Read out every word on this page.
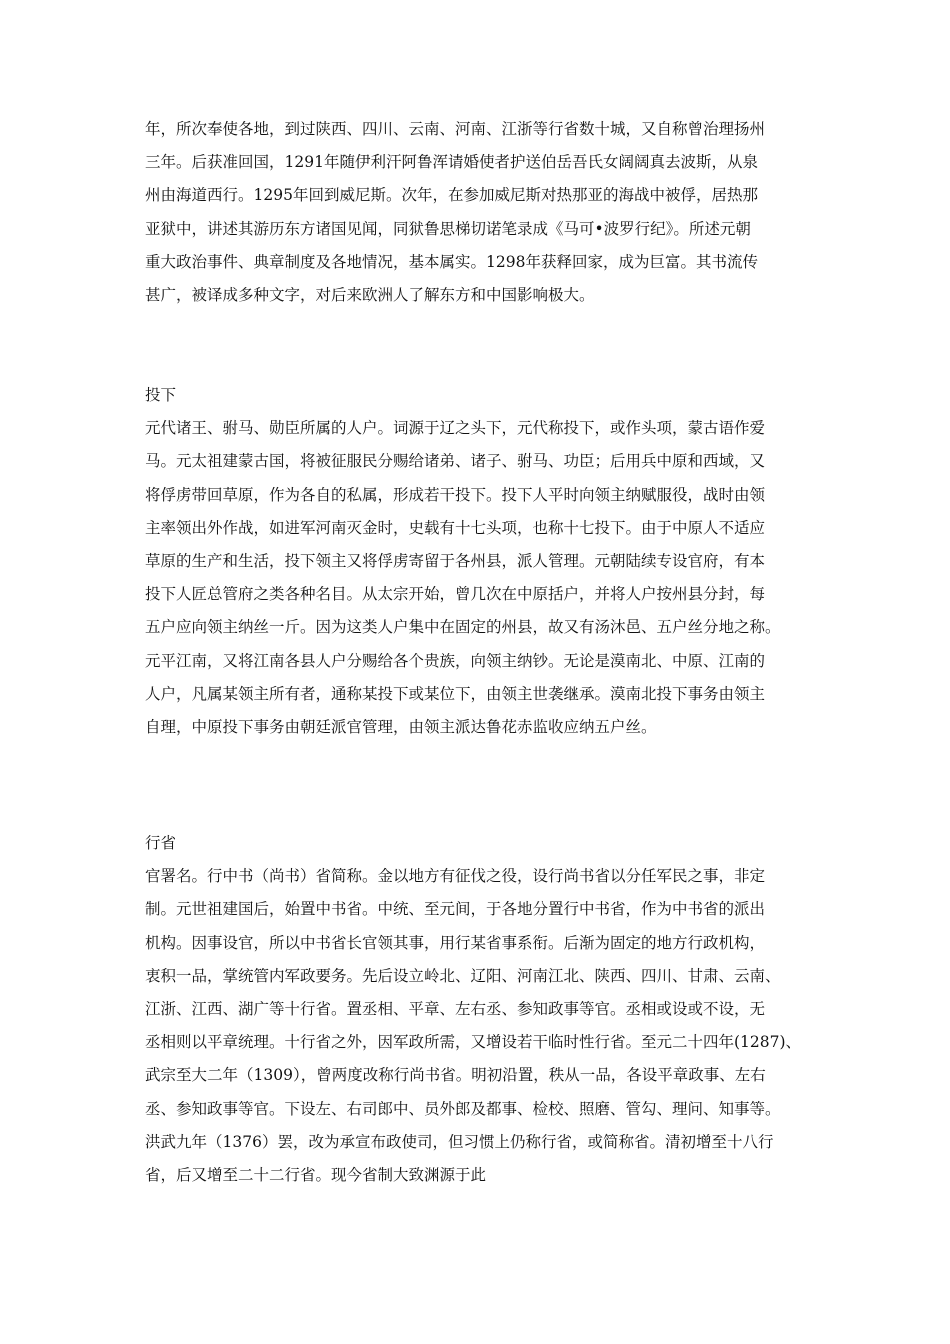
年，所次奉使各地，到过陕西、四川、云南、河南、江浙等行省数十城，又自称曾治理扬州
三年。后获准回国，1291年随伊利汗阿鲁浑请婚使者护送伯岳吾氏女阔阔真去波斯，从泉
州由海道西行。1295年回到威尼斯。次年，在参加威尼斯对热那亚的海战中被俘，居热那
亚狱中，讲述其游历东方诸国见闻，同狱鲁思梯切诺笔录成《马可•波罗行纪》。所述元朝
重大政治事件、典章制度及各地情况，基本属实。1298年获释回家，成为巨富。其书流传
甚广，被译成多种文字，对后来欧洲人了解东方和中国影响极大。
投下
元代诸王、驸马、勋臣所属的人户。词源于辽之头下，元代称投下，或作头项，蒙古语作爱
马。元太祖建蒙古国，将被征服民分赐给诸弟、诸子、驸马、功臣；后用兵中原和西域，又
将俘虏带回草原，作为各自的私属，形成若干投下。投下人平时向领主纳赋服役，战时由领
主率领出外作战，如进军河南灭金时，史载有十七头项，也称十七投下。由于中原人不适应
草原的生产和生活，投下领主又将俘虏寄留于各州县，派人管理。元朝陆续专设官府，有本
投下人匠总管府之类各种名目。从太宗开始，曾几次在中原括户，并将人户按州县分封，每
五户应向领主纳丝一斤。因为这类人户集中在固定的州县，故又有汤沐邑、五户丝分地之称。
元平江南，又将江南各县人户分赐给各个贵族，向领主纳钞。无论是漠南北、中原、江南的
人户，凡属某领主所有者，通称某投下或某位下，由领主世袭继承。漠南北投下事务由领主
自理，中原投下事务由朝廷派官管理，由领主派达鲁花赤监收应纳五户丝。
行省
官署名。行中书（尚书）省简称。金以地方有征伐之役，设行尚书省以分任军民之事，非定
制。元世祖建国后，始置中书省。中统、至元间，于各地分置行中书省，作为中书省的派出
机构。因事设官，所以中书省长官领其事，用行某省事系衔。后渐为固定的地方行政机构，
衷积一品，掌统管内军政要务。先后设立岭北、辽阳、河南江北、陕西、四川、甘肃、云南、
江浙、江西、湖广等十行省。置丞相、平章、左右丞、参知政事等官。丞相或设或不设，无
丞相则以平章统理。十行省之外，因军政所需，又增设若干临时性行省。至元二十四年(1287)、
武宗至大二年（1309），曾两度改称行尚书省。明初沿置，秩从一品，各设平章政事、左右
丞、参知政事等官。下设左、右司郎中、员外郎及都事、检校、照磨、管勾、理问、知事等。
洪武九年（1376）罢，改为承宣布政使司，但习惯上仍称行省，或简称省。清初增至十八行
省，后又增至二十二行省。现今省制大致渊源于此
